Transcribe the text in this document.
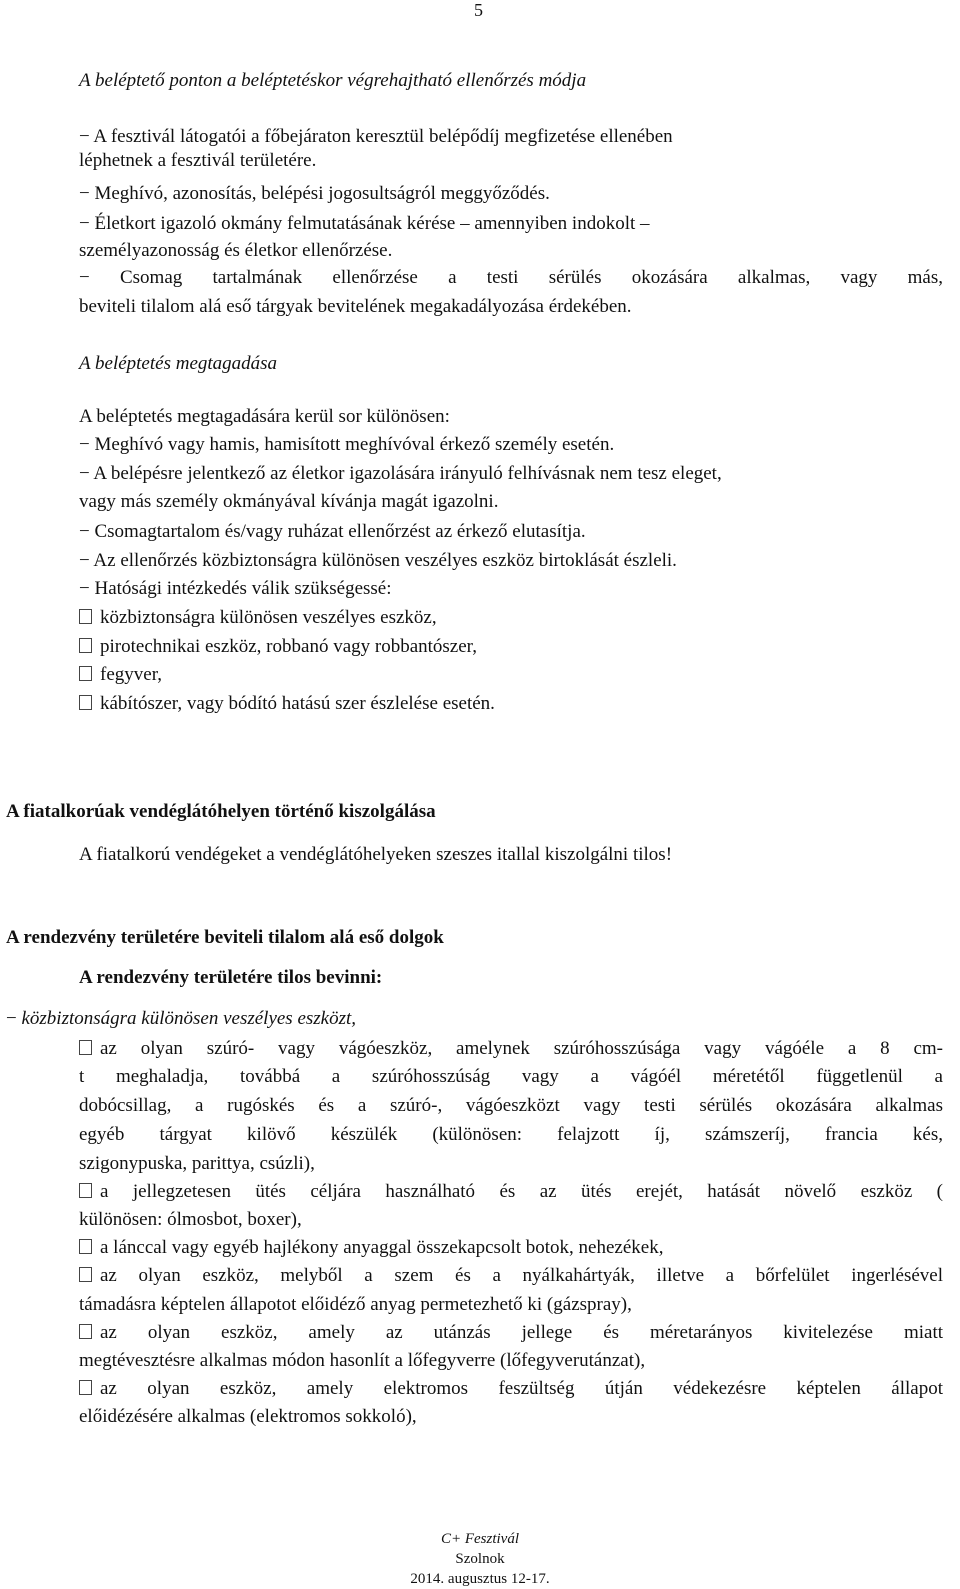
5
A beléptető ponton a beléptetéskor végrehajtható ellenőrzés módja
− A fesztivál látogatói a főbejáraton keresztül belépődíj megfizetése ellenében
léphetnek a fesztivál területére.
− Meghívó, azonosítás, belépési jogosultságról meggyőződés.
− Életkort igazoló okmány felmutatásának kérése – amennyiben indokolt –
személyazonosság és életkor ellenőrzése.
− Csomag tartalmának ellenőrzése a testi sérülés okozására alkalmas, vagy más,
beviteli tilalom alá eső tárgyak bevitelének megakadályozása érdekében.
A beléptetés megtagadása
A beléptetés megtagadására kerül sor különösen:
− Meghívó vagy hamis, hamisított meghívóval érkező személy esetén.
− A belépésre jelentkező az életkor igazolására irányuló felhívásnak nem tesz eleget,
vagy más személy okmányával kívánja magát igazolni.
− Csomagtartalom és/vagy ruházat ellenőrzést az érkező elutasítja.
− Az ellenőrzés közbiztonságra különösen veszélyes eszköz birtoklását észleli.
− Hatósági intézkedés válik szükségessé:
közbiztonságra különösen veszélyes eszköz,
pirotechnikai eszköz, robbanó vagy robbantószer,
fegyver,
kábítószer, vagy bódító hatású szer észlelése esetén.
A fiatalkorúak vendéglátóhelyen történő kiszolgálása
A fiatalkorú vendégeket a vendéglátóhelyeken szeszes itallal kiszolgálni tilos!
A rendezvény területére beviteli tilalom alá eső dolgok
A rendezvény területére tilos bevinni:
− közbiztonságra különösen veszélyes eszközt,
az olyan szúró- vagy vágóeszköz, amelynek szúróhosszúsága vagy vágóéle a 8 cm-
t meghaladja, továbbá a szúróhosszúság vagy a vágóél méretétől függetlenül a
dobócsillag, a rugóskés és a szúró-, vágóeszközt vagy testi sérülés okozására alkalmas
egyéb tárgyat kilövő készülék (különösen: felajzott íj, számszeríj, francia kés,
szigonypuska, parittya, csúzli),
a jellegzetesen ütés céljára használható és az ütés erejét, hatását növelő eszköz (
különösen: ólmosbot, boxer),
a lánccal vagy egyéb hajlékony anyaggal összekapcsolt botok, nehezékek,
az olyan eszköz, melyből a szem és a nyálkahártyák, illetve a bőrfelület ingerlésével
támadásra képtelen állapotot előidéző anyag permetezhető ki (gázspray),
az olyan eszköz, amely az utánzás jellege és méretarányos kivitelezése miatt
megtévesztésre alkalmas módon hasonlít a lőfegyverre (lőfegyverutánzat),
az olyan eszköz, amely elektromos feszültség útján védekezésre képtelen állapot
előidézésére alkalmas (elektromos sokkoló),
C+ Fesztivál
Szolnok
2014. augusztus 12-17.
